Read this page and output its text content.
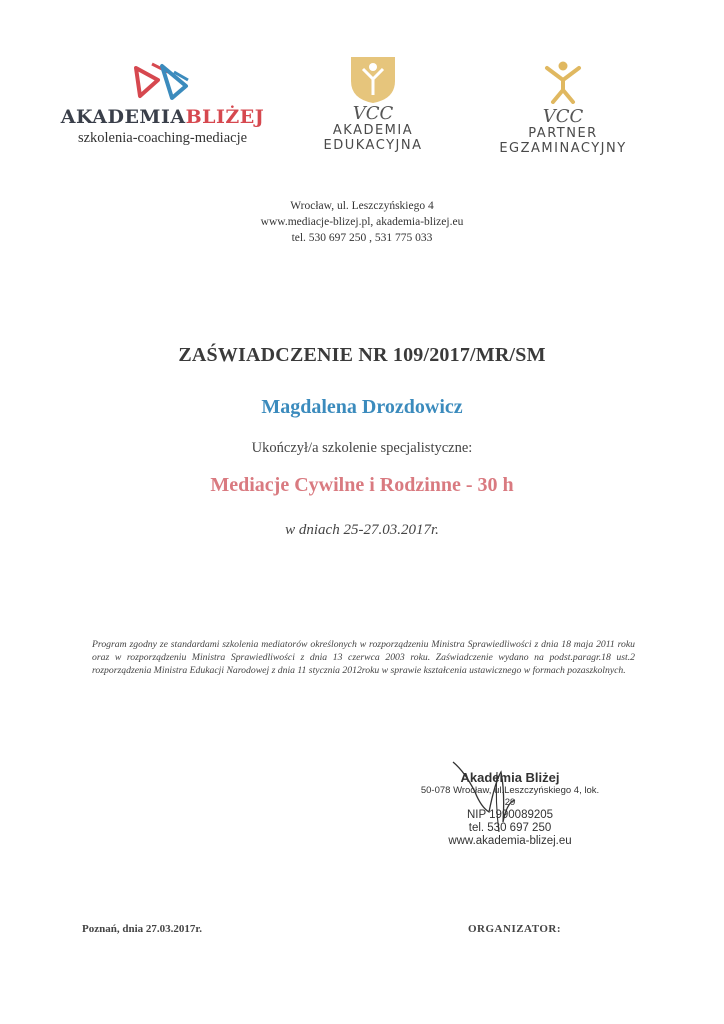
AKADEMIABLIŻEJ
szkolenia-coaching-mediacje
VCC
AKADEMIA
EDUKACYJNA
VCC
PARTNER
EGZAMINACYJNY
Wrocław, ul. Leszczyńskiego 4
www.mediacje-blizej.pl, akademia-blizej.eu
tel. 530 697 250 , 531 775 033
ZAŚWIADCZENIE NR 109/2017/MR/SM
Magdalena Drozdowicz
Ukończył/a szkolenie specjalistyczne:
Mediacje Cywilne i Rodzinne - 30 h
w dniach 25-27.03.2017r.
Program zgodny ze standardami szkolenia mediatorów określonych w rozporządzeniu Ministra Sprawiedliwości z dnia 18 maja 2011 roku oraz w rozporządzeniu Ministra Sprawiedliwości z dnia 13 czerwca 2003 roku. Zaświadczenie wydano na podst.paragr.18 ust.2 rozporządzenia Ministra Edukacji Narodowej z dnia 11 stycznia 2012roku w sprawie kształcenia ustawicznego w formach pozaszkolnych.
Akademia Bliżej
50-078 Wrocław, ul.Leszczyńskiego 4, lok. 29
NIP 1990089205
tel. 530 697 250
www.akademia-blizej.eu
Poznań, dnia 27.03.2017r.	ORGANIZATOR:
